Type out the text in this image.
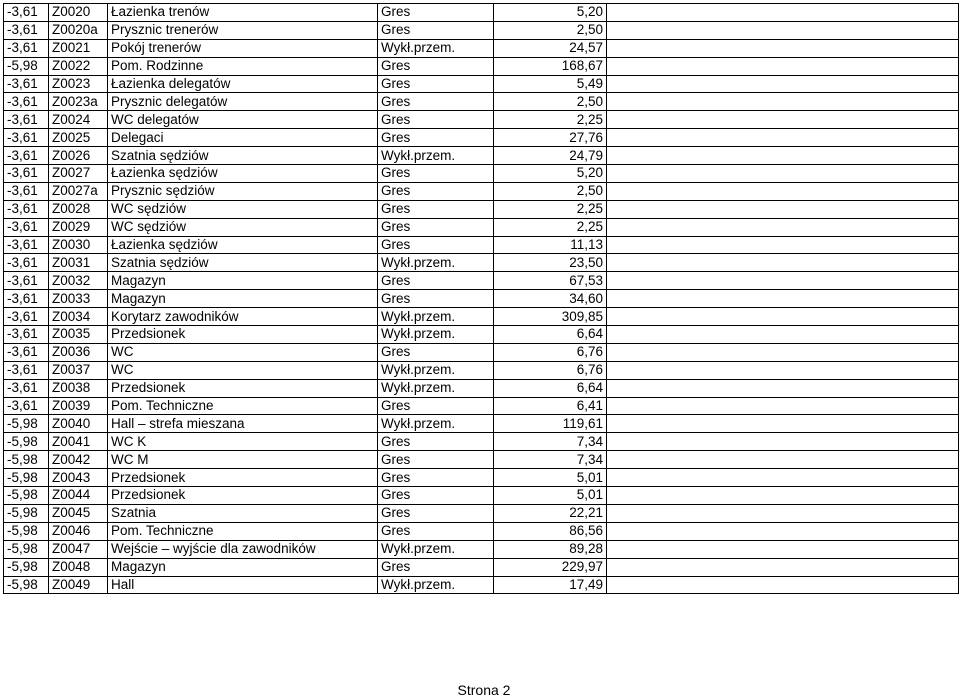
-3,61	Z0020	Łazienka trenów	Gres	5,20	
-3,61	Z0020a	Prysznic trenerów	Gres	2,50	
-3,61	Z0021	Pokój trenerów	Wykł.przem.	24,57	
-5,98	Z0022	Pom. Rodzinne	Gres	168,67	
-3,61	Z0023	Łazienka delegatów	Gres	5,49	
-3,61	Z0023a	Prysznic delegatów	Gres	2,50	
-3,61	Z0024	WC delegatów	Gres	2,25	
-3,61	Z0025	Delegaci	Gres	27,76	
-3,61	Z0026	Szatnia sędziów	Wykł.przem.	24,79	
-3,61	Z0027	Łazienka sędziów	Gres	5,20	
-3,61	Z0027a	Prysznic sędziów	Gres	2,50	
-3,61	Z0028	WC sędziów	Gres	2,25	
-3,61	Z0029	WC sędziów	Gres	2,25	
-3,61	Z0030	Łazienka sędziów	Gres	11,13	
-3,61	Z0031	Szatnia sędziów	Wykł.przem.	23,50	
-3,61	Z0032	Magazyn	Gres	67,53	
-3,61	Z0033	Magazyn	Gres	34,60	
-3,61	Z0034	Korytarz zawodników	Wykł.przem.	309,85	
-3,61	Z0035	Przedsionek	Wykł.przem.	6,64	
-3,61	Z0036	WC	Gres	6,76	
-3,61	Z0037	WC	Wykł.przem.	6,76	
-3,61	Z0038	Przedsionek	Wykł.przem.	6,64	
-3,61	Z0039	Pom. Techniczne	Gres	6,41	
-5,98	Z0040	Hall – strefa mieszana	Wykł.przem.	119,61	
-5,98	Z0041	WC K	Gres	7,34	
-5,98	Z0042	WC M	Gres	7,34	
-5,98	Z0043	Przedsionek	Gres	5,01	
-5,98	Z0044	Przedsionek	Gres	5,01	
-5,98	Z0045	Szatnia	Gres	22,21	
-5,98	Z0046	Pom. Techniczne	Gres	86,56	
-5,98	Z0047	Wejście – wyjście dla zawodników	Wykł.przem.	89,28	
-5,98	Z0048	Magazyn	Gres	229,97	
-5,98	Z0049	Hall	Wykł.przem.	17,49	
Strona 2
